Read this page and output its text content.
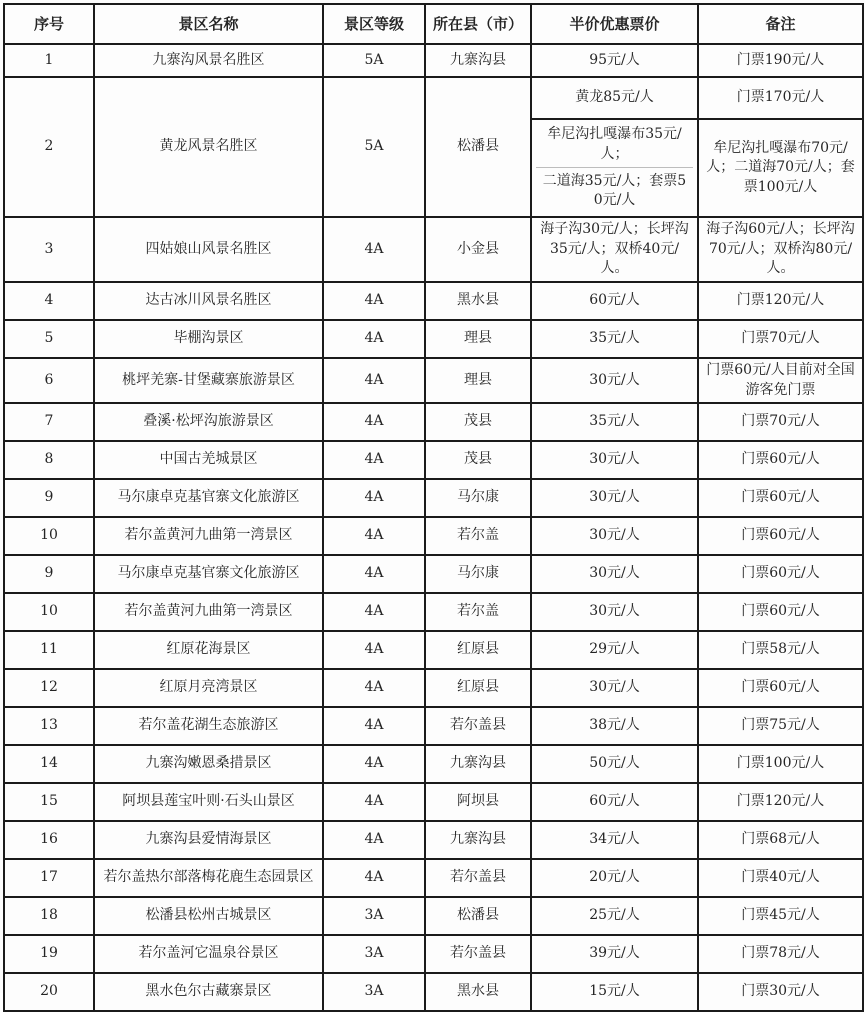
序号	景区名称	景区等级	所在县（市）	半价优惠票价	备注
1	九寨沟风景名胜区	5A	九寨沟县	95元/人	门票190元/人
2	黄龙风景名胜区	5A	松潘县	黄龙85元/人	门票170元/人

牟尼沟扎嘎瀑布35元/人；
二道海35元/人；套票50元/人	牟尼沟扎嘎瀑布70元/人；二道海70元/人；套票100元/人
3	四姑娘山风景名胜区	4A	小金县	海子沟30元/人；长坪沟35元/人；双桥40元/人。	海子沟60元/人；长坪沟70元/人；双桥沟80元/人。
4	达古冰川风景名胜区	4A	黑水县	60元/人	门票120元/人
5	毕棚沟景区	4A	理县	35元/人	门票70元/人
6	桃坪羌寨-甘堡藏寨旅游景区	4A	理县	30元/人	门票60元/人目前对全国游客免门票
7	叠溪·松坪沟旅游景区	4A	茂县	35元/人	门票70元/人
8	中国古羌城景区	4A	茂县	30元/人	门票60元/人
9	马尔康卓克基官寨文化旅游区	4A	马尔康	30元/人	门票60元/人
10	若尔盖黄河九曲第一湾景区	4A	若尔盖	30元/人	门票60元/人
9	马尔康卓克基官寨文化旅游区	4A	马尔康	30元/人	门票60元/人
10	若尔盖黄河九曲第一湾景区	4A	若尔盖	30元/人	门票60元/人
11	红原花海景区	4A	红原县	29元/人	门票58元/人
12	红原月亮湾景区	4A	红原县	30元/人	门票60元/人
13	若尔盖花湖生态旅游区	4A	若尔盖县	38元/人	门票75元/人
14	九寨沟嫩恩桑措景区	4A	九寨沟县	50元/人	门票100元/人
15	阿坝县莲宝叶则·石头山景区	4A	阿坝县	60元/人	门票120元/人
16	九寨沟县爱情海景区	4A	九寨沟县	34元/人	门票68元/人
17	若尔盖热尔部落梅花鹿生态园景区	4A	若尔盖县	20元/人	门票40元/人
18	松潘县松州古城景区	3A	松潘县	25元/人	门票45元/人
19	若尔盖河它温泉谷景区	3A	若尔盖县	39元/人	门票78元/人
20	黑水色尔古藏寨景区	3A	黑水县	15元/人	门票30元/人
